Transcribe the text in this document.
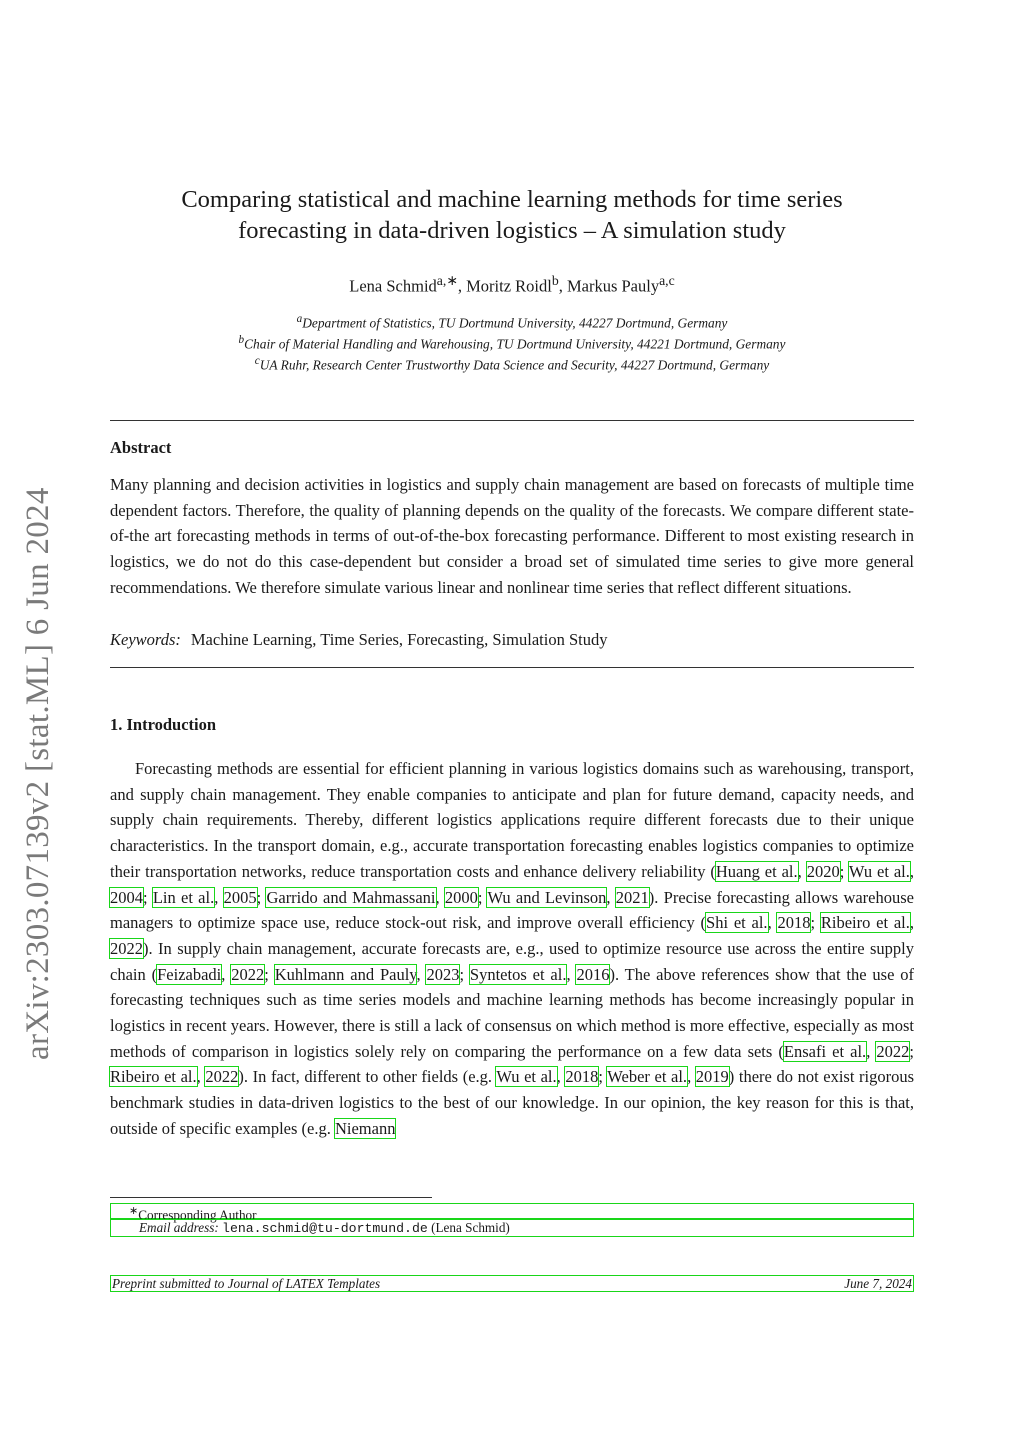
arXiv:2303.07139v2 [stat.ML] 6 Jun 2024
Comparing statistical and machine learning methods for time series
forecasting in data-driven logistics – A simulation study
Lena Schmid$^{a,∗}$, Moritz Roidl$^b$, Markus Pauly$^{a,c}$
$^a$Department of Statistics, TU Dortmund University, 44227 Dortmund, Germany
$^b$Chair of Material Handling and Warehousing, TU Dortmund University, 44221 Dortmund, Germany
$^c$UA Ruhr, Research Center Trustworthy Data Science and Security, 44227 Dortmund, Germany
Abstract

Many planning and decision activities in logistics and supply chain management are based on forecasts of multiple time dependent factors. Therefore, the quality of planning depends on the quality of the forecasts. We compare different state-of-the art forecasting methods in terms of out-of-the-box forecasting performance. Different to most existing research in logistics, we do not do this case-dependent but consider a broad set of simulated time series to give more general recommendations. We therefore simulate various linear and nonlinear time series that reflect different situations.

Keywords: Machine Learning, Time Series, Forecasting, Simulation Study
1. Introduction

Forecasting methods are essential for efficient planning in various logistics domains such as warehousing, transport, and supply chain management. They enable companies to anticipate and plan for future demand, capacity needs, and supply chain requirements. Thereby, different logistics applications require different forecasts due to their unique characteristics. In the transport domain, e.g., accurate transportation forecasting enables logistics companies to optimize their transportation networks, reduce transportation costs and enhance delivery reliability (Huang et al., 2020; Wu et al., 2004; Lin et al., 2005; Garrido and Mahmassani, 2000; Wu and Levinson, 2021). Precise forecasting allows warehouse managers to optimize space use, reduce stock-out risk, and improve overall efficiency (Shi et al., 2018; Ribeiro et al., 2022). In supply chain management, accurate forecasts are, e.g., used to optimize resource use across the entire supply chain (Feizabadi, 2022; Kuhlmann and Pauly, 2023; Syntetos et al., 2016). The above references show that the use of forecasting techniques such as time series models and machine learning methods has become increasingly popular in logistics in recent years. However, there is still a lack of consensus on which method is more effective, especially as most methods of comparison in logistics solely rely on comparing the performance on a few data sets (Ensafi et al., 2022; Ribeiro et al., 2022). In fact, different to other fields (e.g. Wu et al., 2018; Weber et al., 2019) there do not exist rigorous benchmark studies in data-driven logistics to the best of our knowledge. In our opinion, the key reason for this is that, outside of specific examples (e.g. Niemann

∗Corresponding Author
Email address: lena.schmid@tu-dortmund.de (Lena Schmid)
Preprint submitted to Journal of LATEX Templates	June 7, 2024
